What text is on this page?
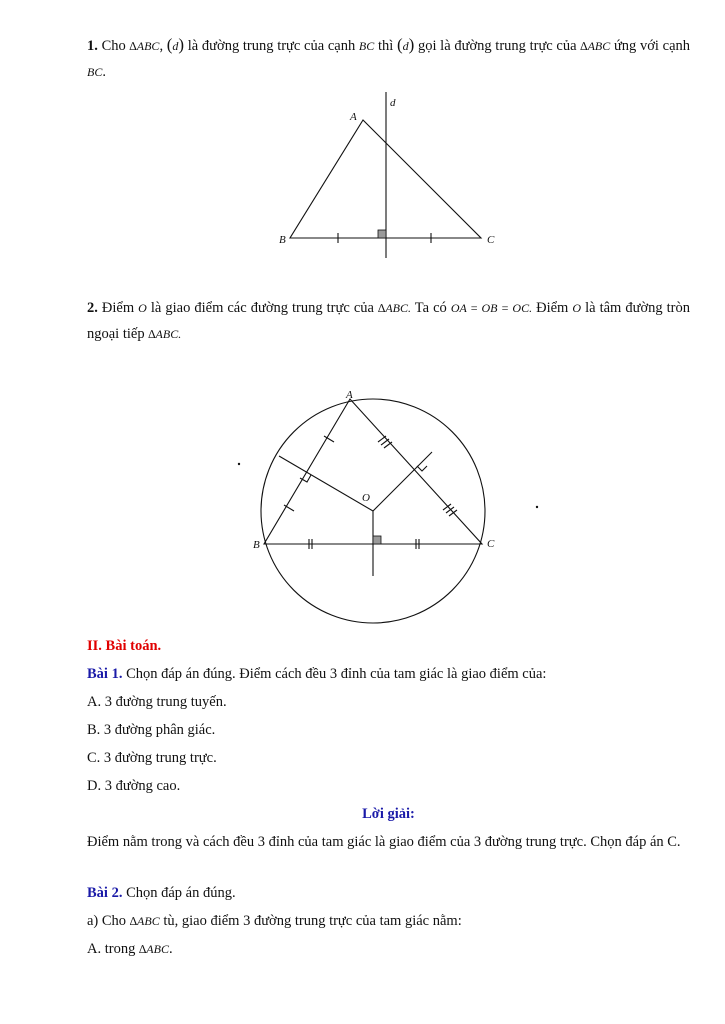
1. Cho ∆ABC, (d) là đường trung trực của cạnh BC thì (d) gọi là đường trung trực của ∆ABC ứng với cạnh BC.
A
B	C
d
2. Điểm O là giao điểm các đường trung trực của ∆ABC. Ta có OA = OB = OC. Điểm O là tâm đường tròn ngoại tiếp ∆ABC.
A
B	C
O
II. Bài toán.
Bài 1. Chọn đáp án đúng. Điểm cách đều 3 đỉnh của tam giác là giao điểm của:
A. 3 đường trung tuyến.
B. 3 đường phân giác.
C. 3 đường trung trực.
D. 3 đường cao.
Lời giải:
Điểm nằm trong và cách đều 3 đỉnh của tam giác là giao điểm của 3 đường trung trực. Chọn đáp án C.
Bài 2. Chọn đáp án đúng.
a) Cho ∆ABC tù, giao điểm 3 đường trung trực của tam giác nằm:
A. trong ∆ABC.
